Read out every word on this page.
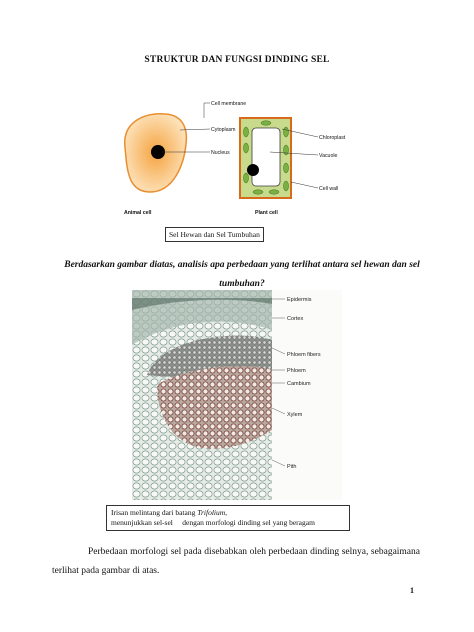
STRUKTUR DAN FUNGSI DINDING SEL
Cell membrane
Cytoplasm
Nucleus
Chloroplast
Vacuole
Cell wall
Animal cell	Plant cell
Sel Hewan dan Sel Tumbuhan
Berdasarkan gambar diatas, analisis apa perbedaan yang terlihat antara sel hewan dan sel tumbuhan?
Epidermis
Cortex
Phloem fibers
Phloem
Cambium
Xylem
Pith
Irisan melintang dari batang Trifolium,
menunjukkan sel-sel     dengan morfologi dinding sel yang beragam
Perbedaan morfologi sel pada disebabkan oleh perbedaan dinding selnya, sebagaimana terlihat pada gambar di atas.
1
